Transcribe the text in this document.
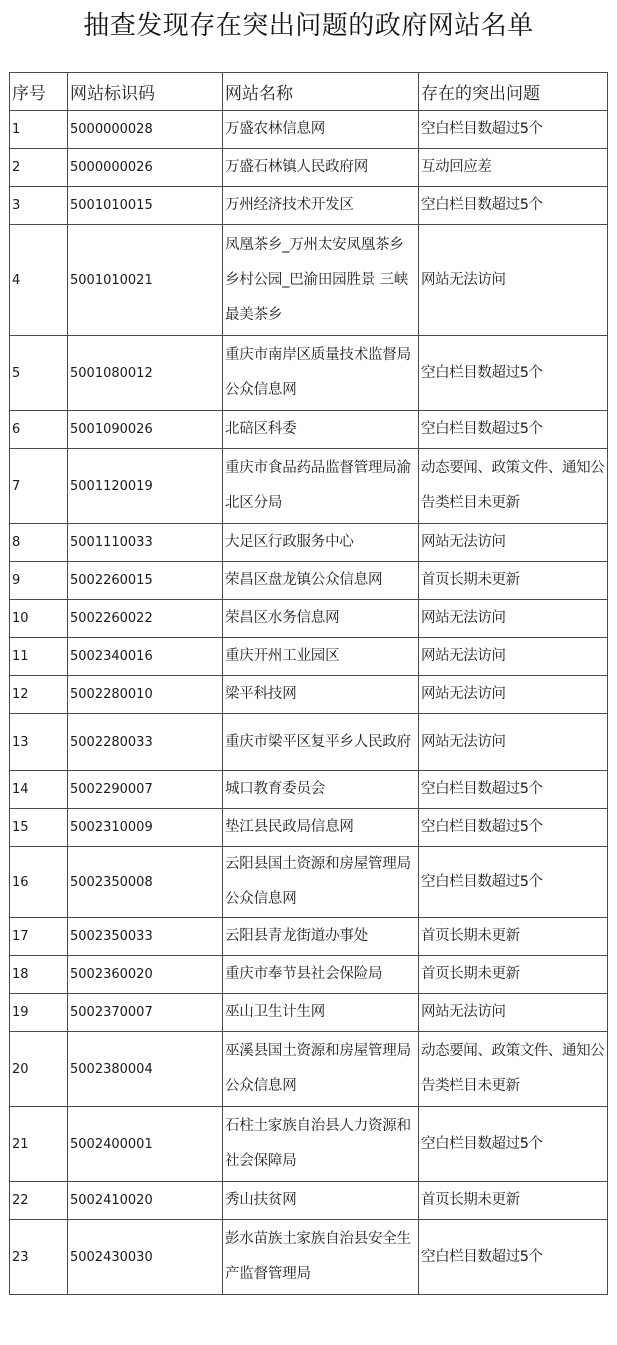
抽查发现存在突出问题的政府网站名单
序号	网站标识码	网站名称	存在的突出问题
1	5000000028	万盛农林信息网	空白栏目数超过5个
2	5000000026	万盛石林镇人民政府网	互动回应差
3	5001010015	万州经济技术开发区	空白栏目数超过5个
4	5001010021	凤凰茶乡_万州太安凤凰茶乡乡村公园_巴渝田园胜景 三峡最美茶乡	网站无法访问
5	5001080012	重庆市南岸区质量技术监督局公众信息网	空白栏目数超过5个
6	5001090026	北碚区科委	空白栏目数超过5个
7	5001120019	重庆市食品药品监督管理局渝北区分局	动态要闻、政策文件、通知公告类栏目未更新
8	5001110033	大足区行政服务中心	网站无法访问
9	5002260015	荣昌区盘龙镇公众信息网	首页长期未更新
10	5002260022	荣昌区水务信息网	网站无法访问
11	5002340016	重庆开州工业园区	网站无法访问
12	5002280010	梁平科技网	网站无法访问
13	5002280033	重庆市梁平区复平乡人民政府	网站无法访问
14	5002290007	城口教育委员会	空白栏目数超过5个
15	5002310009	垫江县民政局信息网	空白栏目数超过5个
16	5002350008	云阳县国土资源和房屋管理局公众信息网	空白栏目数超过5个
17	5002350033	云阳县青龙街道办事处	首页长期未更新
18	5002360020	重庆市奉节县社会保险局	首页长期未更新
19	5002370007	巫山卫生计生网	网站无法访问
20	5002380004	巫溪县国土资源和房屋管理局公众信息网	动态要闻、政策文件、通知公告类栏目未更新
21	5002400001	石柱土家族自治县人力资源和社会保障局	空白栏目数超过5个
22	5002410020	秀山扶贫网	首页长期未更新
23	5002430030	彭水苗族土家族自治县安全生产监督管理局	空白栏目数超过5个
